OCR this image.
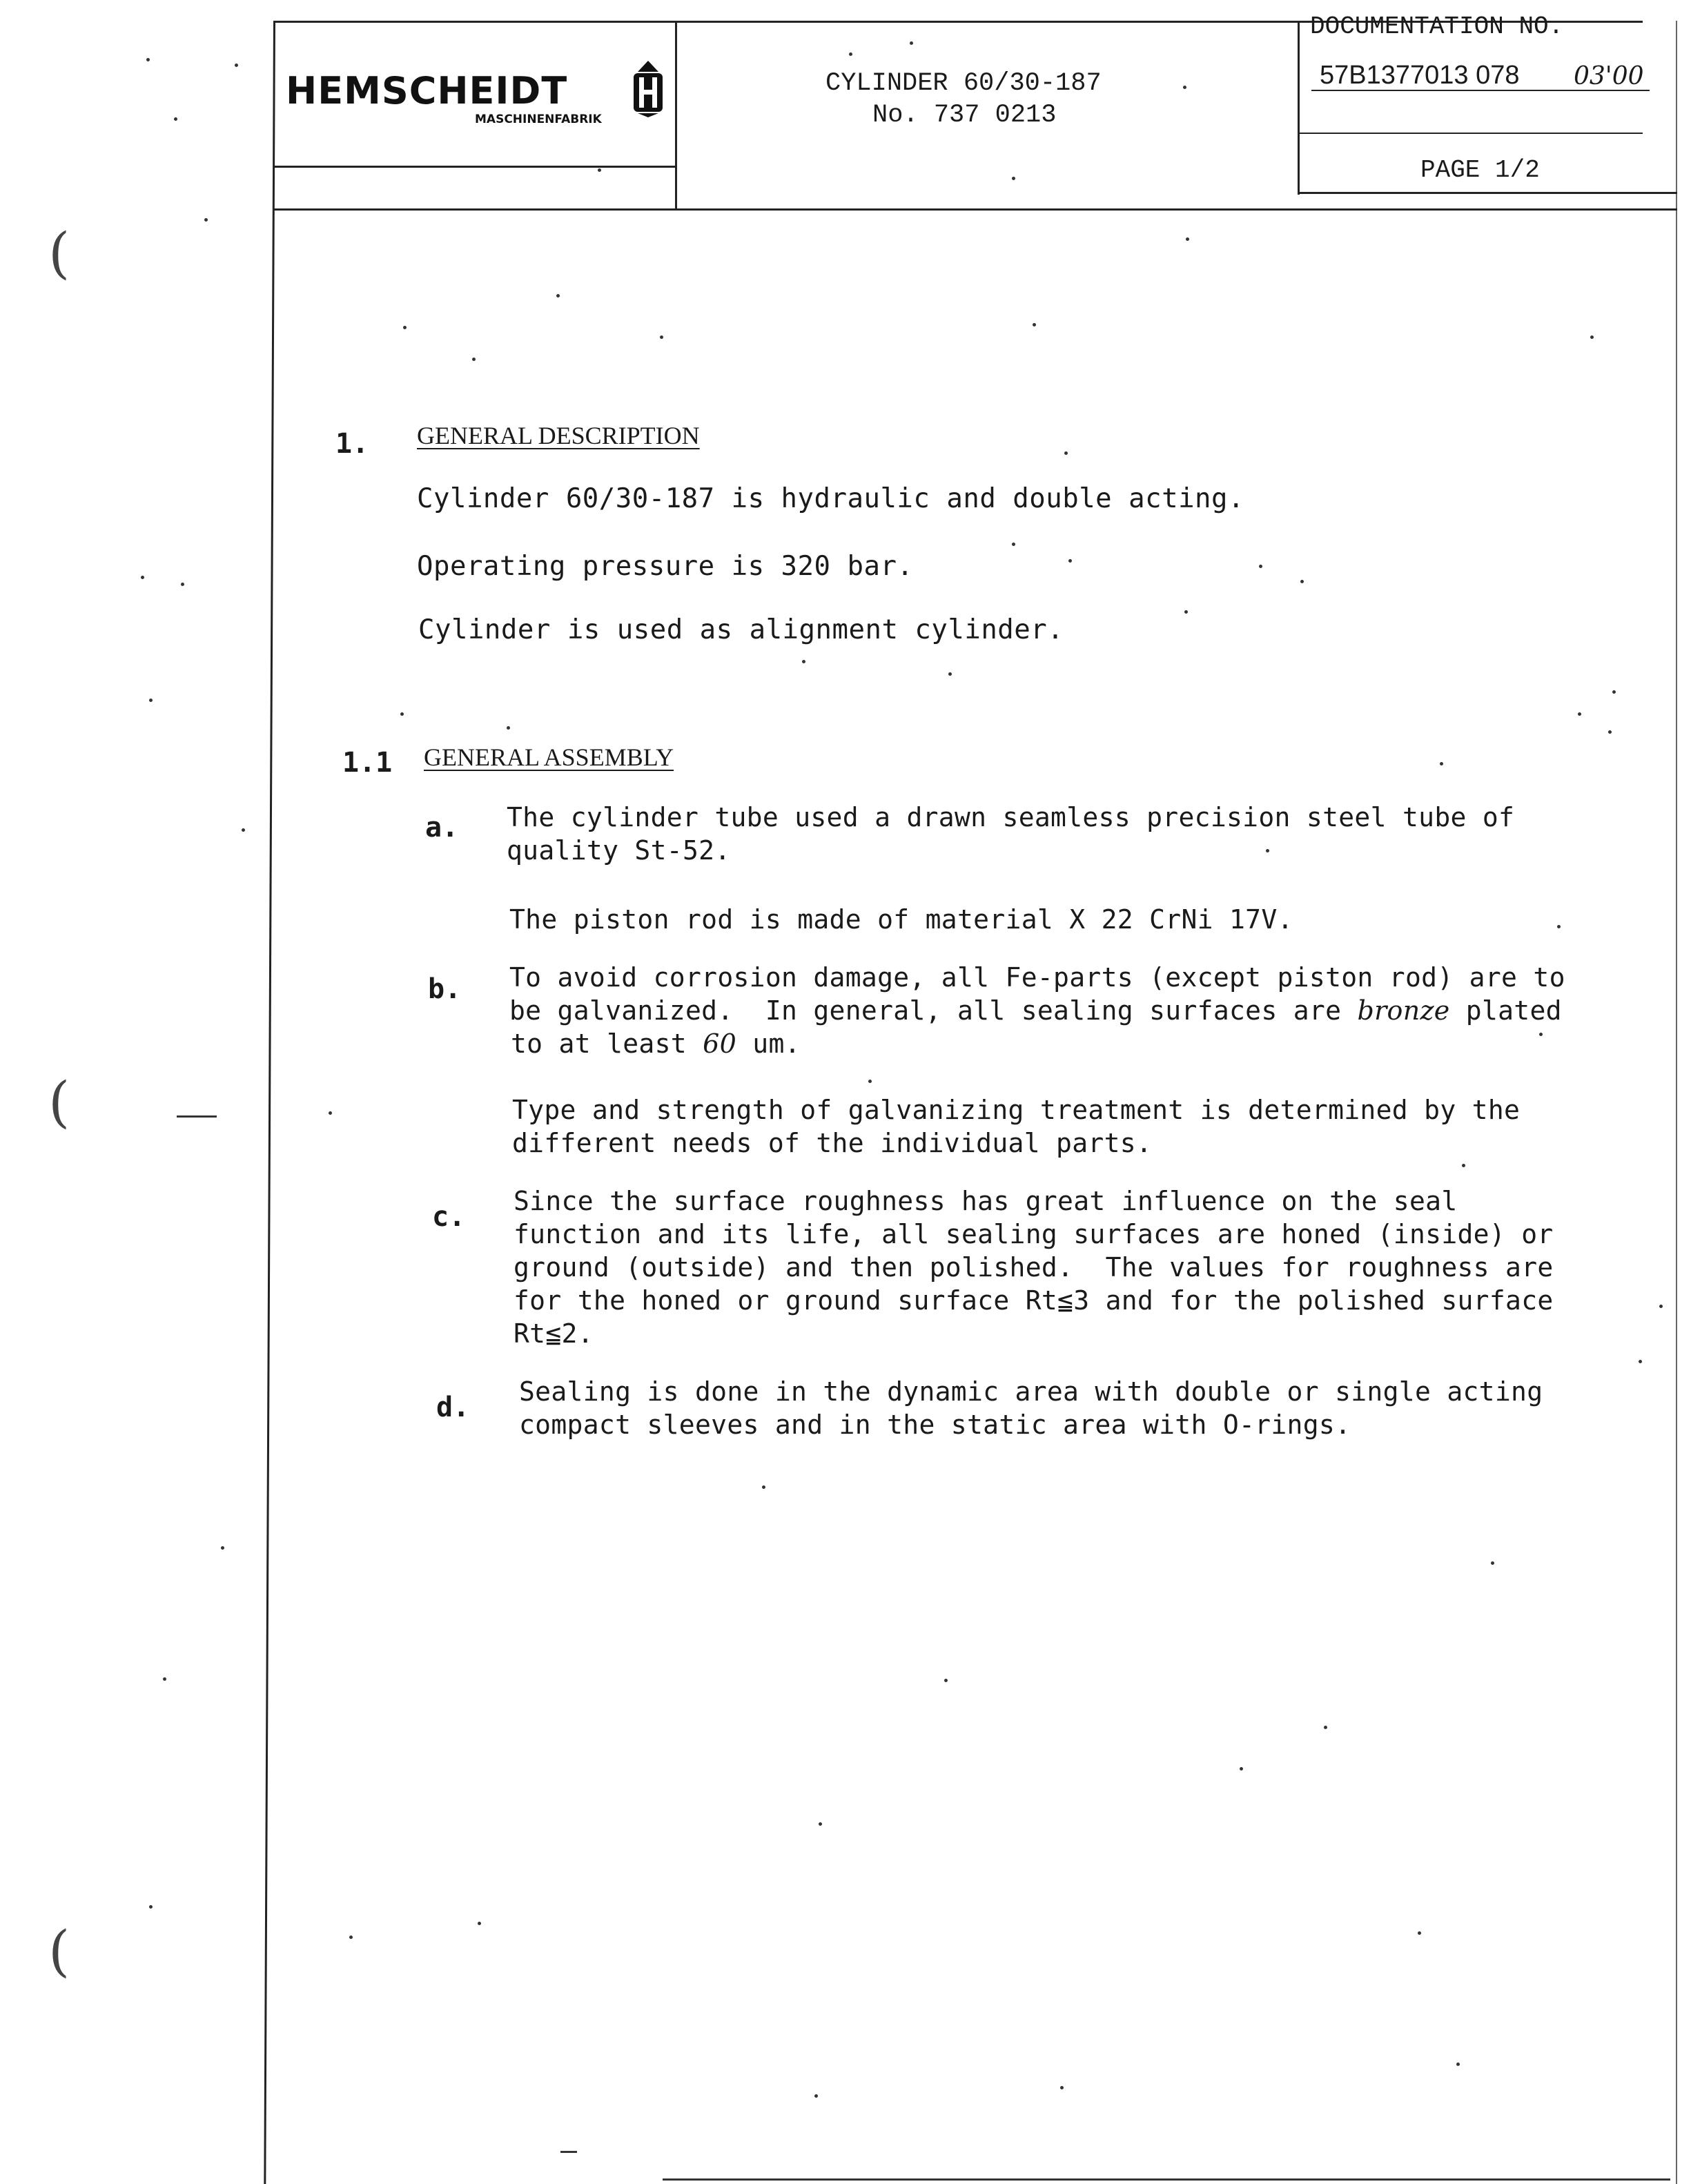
HEMSCHEIDT
MASCHINENFABRIK
CYLINDER 60/30-187
No. 737 0213
DOCUMENTATION NO.
57B1377013 078 03'00
PAGE 1/2
1. GENERAL DESCRIPTION
Cylinder 60/30-187 is hydraulic and double acting.
Operating pressure is 320 bar.
Cylinder is used as alignment cylinder.
1.1 GENERAL ASSEMBLY
a. The cylinder tube used a drawn seamless precision steel tube of
quality St-52.
The piston rod is made of material X 22 CrNi 17V.
b. To avoid corrosion damage, all Fe-parts (except piston rod) are to
be galvanized.  In general, all sealing surfaces are bronze plated
to at least 60 um.
Type and strength of galvanizing treatment is determined by the
different needs of the individual parts.
c. Since the surface roughness has great influence on the seal
function and its life, all sealing surfaces are honed (inside) or
ground (outside) and then polished.  The values for roughness are
for the honed or ground surface Rt≦3 and for the polished surface
Rt≦2.
d. Sealing is done in the dynamic area with double or single acting
compact sleeves and in the static area with O-rings.
(
(
(
